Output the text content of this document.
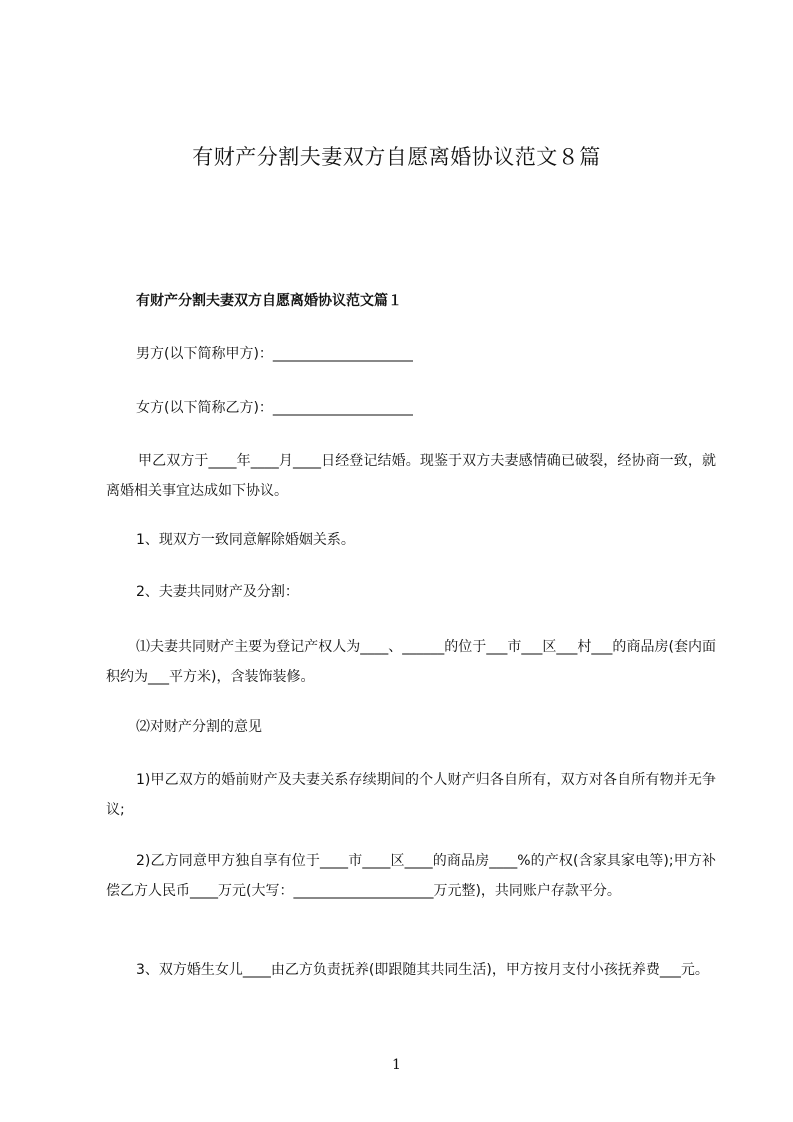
有财产分割夫妻双方自愿离婚协议范文８篇
有财产分割夫妻双方自愿离婚协议范文篇１
男方(以下简称甲方)：____________________
女方(以下简称乙方)：____________________
甲乙双方于____年____月____日经登记结婚。现鉴于双方夫妻感情确已破裂，经协商一致，就离婚相关事宜达成如下协议。
1、现双方一致同意解除婚姻关系。
2、夫妻共同财产及分割：
⑴夫妻共同财产主要为登记产权人为____、______的位于___市___区___村___的商品房(套内面积约为___平方米)，含装饰装修。
⑵对财产分割的意见
1)甲乙双方的婚前财产及夫妻关系存续期间的个人财产归各自所有，双方对各自所有物并无争议;
2)乙方同意甲方独自享有位于____市____区____的商品房____%的产权(含家具家电等);甲方补偿乙方人民币____万元(大写：____________________万元整)，共同账户存款平分。
3、双方婚生女儿____由乙方负责抚养(即跟随其共同生活)，甲方按月支付小孩抚养费___元。
1
